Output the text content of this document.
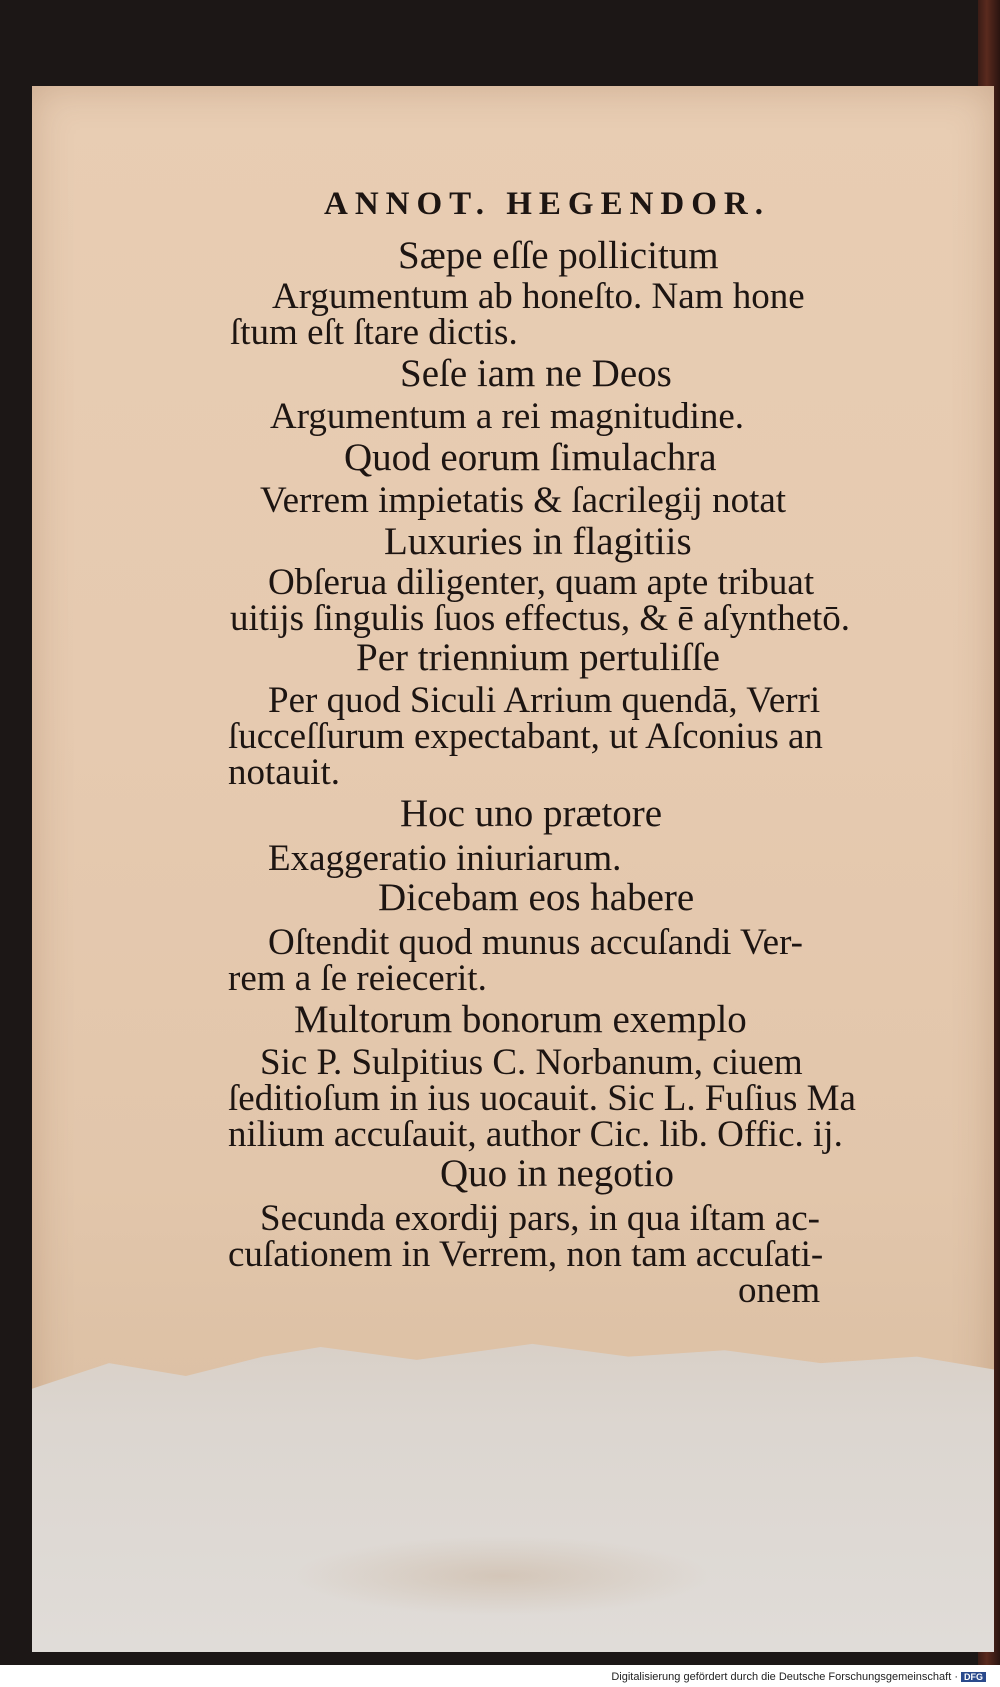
ANNOT. HEGENDOR.
Sæpe eſſe pollicitum
Argumentum ab honeſto. Nam hone
ſtum eſt ſtare dictis.
Seſe iam ne Deos
Argumentum a rei magnitudine.
Quod eorum ſimulachra
Verrem impietatis & ſacrilegij notat
Luxuries in flagitiis
Obſerua diligenter, quam apte tribuat
uitijs ſingulis ſuos effectus, & ē aſynthetō.
Per triennium pertuliſſe
Per quod Siculi Arrium quendā, Verri
ſucceſſurum expectabant, ut Aſconius an
notauit.
Hoc uno prætore
Exaggeratio iniuriarum.
Dicebam eos habere
Oſtendit quod munus accuſandi Ver-
rem a ſe reiecerit.
Multorum bonorum exemplo
Sic P. Sulpitius C. Norbanum, ciuem
ſeditioſum in ius uocauit. Sic L. Fuſius Ma
nilium accuſauit, author Cic. lib. Offic. ij.
Quo in negotio
Secunda exordij pars, in qua iſtam ac-
cuſationem in Verrem, non tam accuſati-
onem
Digitalisierung gefördert durch die Deutsche Forschungsgemeinschaft · DFG
